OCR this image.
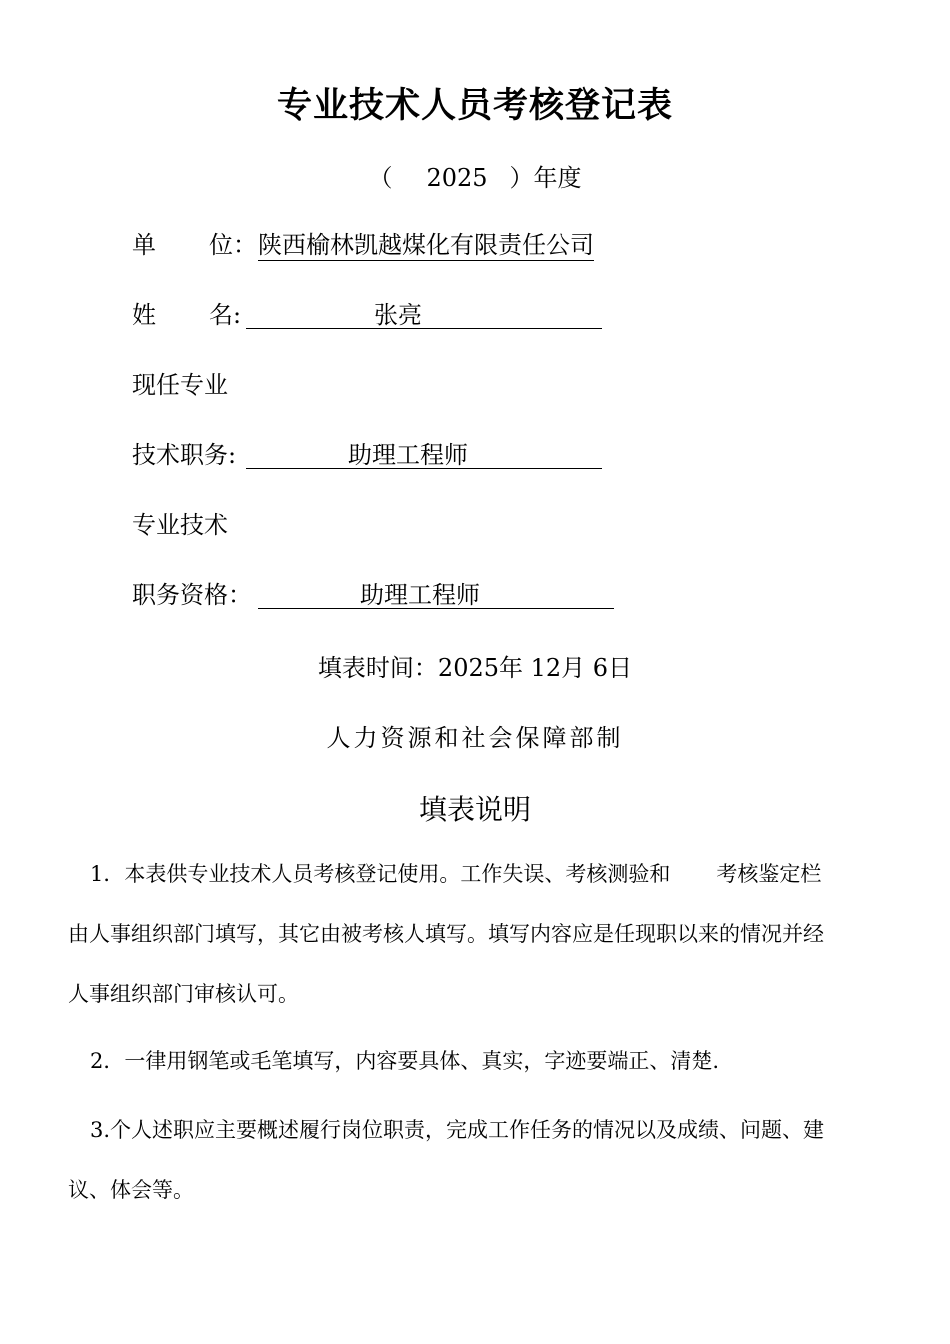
专业技术人员考核登记表
（ 2025 ）年度
单 位：陕西榆林凯越煤化有限责任公司
姓 名:	张亮
现任专业
技术职务:	助理工程师
专业技术
职务资格：	助理工程师
填表时间：2025年 12月 6日
人力资源和社会保障部制
填表说明
1．本表供专业技术人员考核登记使用。工作失误、考核测验和 考核鉴定栏
由人事组织部门填写，其它由被考核人填写。填写内容应是任现职以来的情况并经
人事组织部门审核认可。
2．一律用钢笔或毛笔填写，内容要具体、真实，字迹要端正、清楚.
3.个人述职应主要概述履行岗位职责，完成工作任务的情况以及成绩、问题、建
议、体会等。
